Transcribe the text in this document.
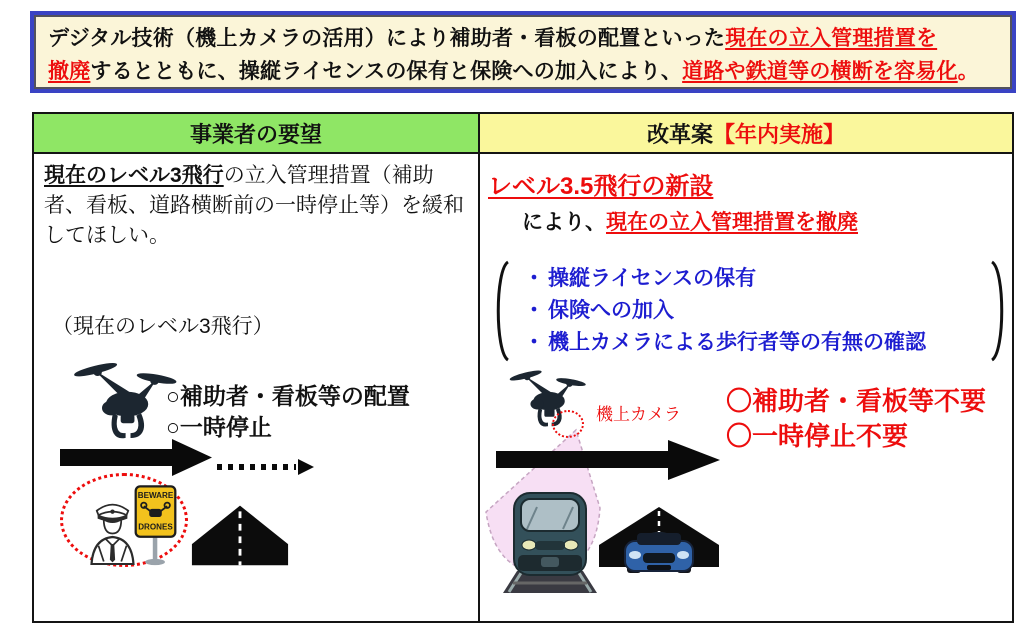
デジタル技術（機上カメラの活用）により補助者・看板の配置といった現在の立入管理措置を
撤廃するとともに、操縦ライセンスの保有と保険への加入により、道路や鉄道等の横断を容易化。
事業者の要望	改革案 【年内実施】
現在のレベル3飛行の立入管理措置（補助者、看板、道路横断前の一時停止等）を緩和してほしい。
（現在のレベル3飛行）
○補助者・看板等の配置
○一時停止
BEWARE
DRONES
レベル3.5飛行の新設
により、現在の立入管理措置を撤廃
・ 操縦ライセンスの保有
・ 保険への加入
・ 機上カメラによる歩行者等の有無の確認
機上カメラ 〇補助者・看板等不要
〇一時停止不要
